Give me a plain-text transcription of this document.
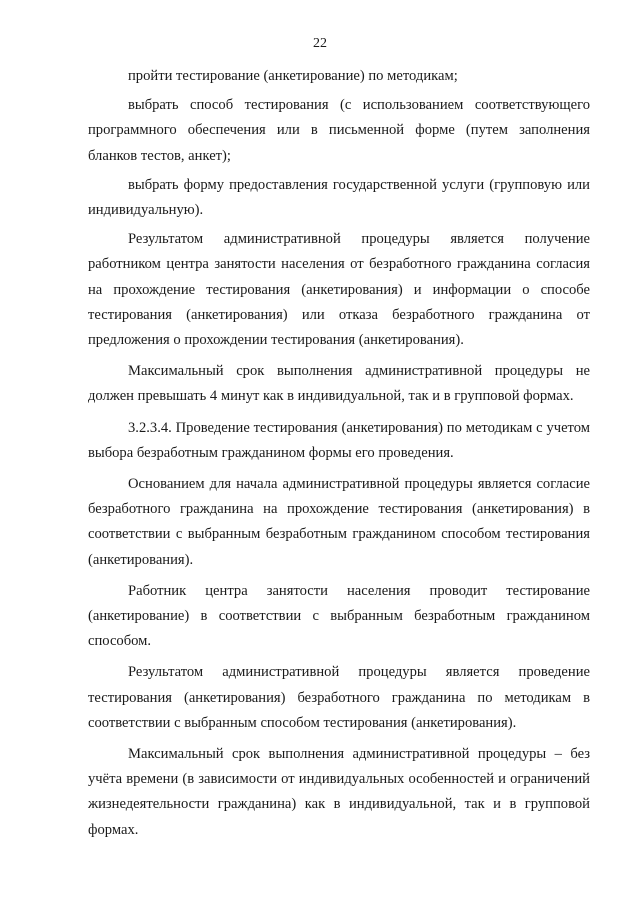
22

пройти тестирование (анкетирование) по методикам;

выбрать способ тестирования (с использованием соответствующего программного обеспечения или в письменной форме (путем заполнения бланков тестов, анкет);

выбрать форму предоставления государственной услуги (групповую или индивидуальную).

Результатом административной процедуры является получение работником центра занятости населения от безработного гражданина согласия на прохождение тестирования (анкетирования) и информации о способе тестирования (анкетирования) или отказа безработного гражданина от предложения о прохождении тестирования (анкетирования).

Максимальный срок выполнения административной процедуры не должен превышать 4 минут как в индивидуальной, так и в групповой формах.

3.2.3.4. Проведение тестирования (анкетирования) по методикам с учетом выбора безработным гражданином формы его проведения.

Основанием для начала административной процедуры является согласие безработного гражданина на прохождение тестирования (анкетирования) в соответствии с выбранным безработным гражданином способом тестирования (анкетирования).

Работник центра занятости населения проводит тестирование (анкетирование) в соответствии с выбранным безработным гражданином способом.

Результатом административной процедуры является проведение тестирования (анкетирования) безработного гражданина по методикам в соответствии с выбранным способом тестирования (анкетирования).

Максимальный срок выполнения административной процедуры – без учёта времени (в зависимости от индивидуальных особенностей и ограничений жизнедеятельности гражданина) как в индивидуальной, так и в групповой формах.
